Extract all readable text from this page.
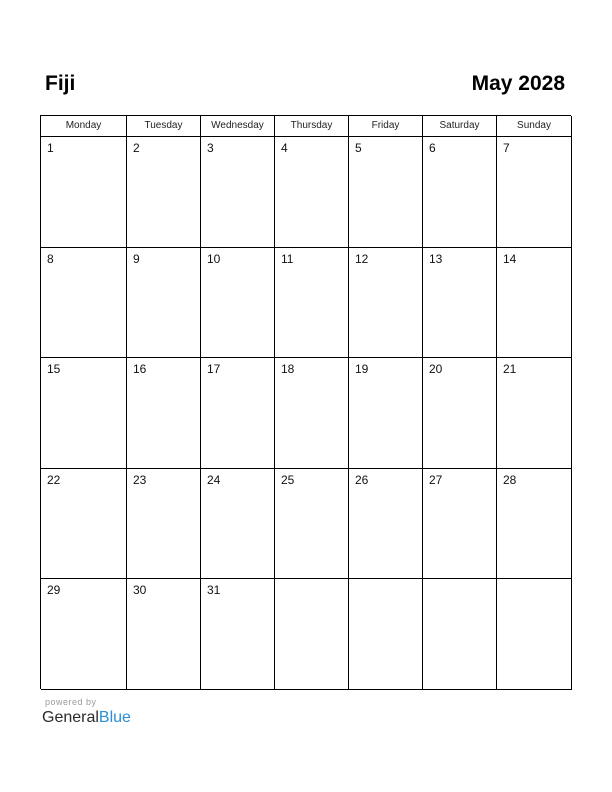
Fiji	May 2028
Monday	Tuesday	Wednesday	Thursday	Friday	Saturday	Sunday
1	2	3	4	5	6	7
8	9	10	11	12	13	14
15	16	17	18	19	20	21
22	23	24	25	26	27	28
29	30	31
powered by
GeneralBlue
